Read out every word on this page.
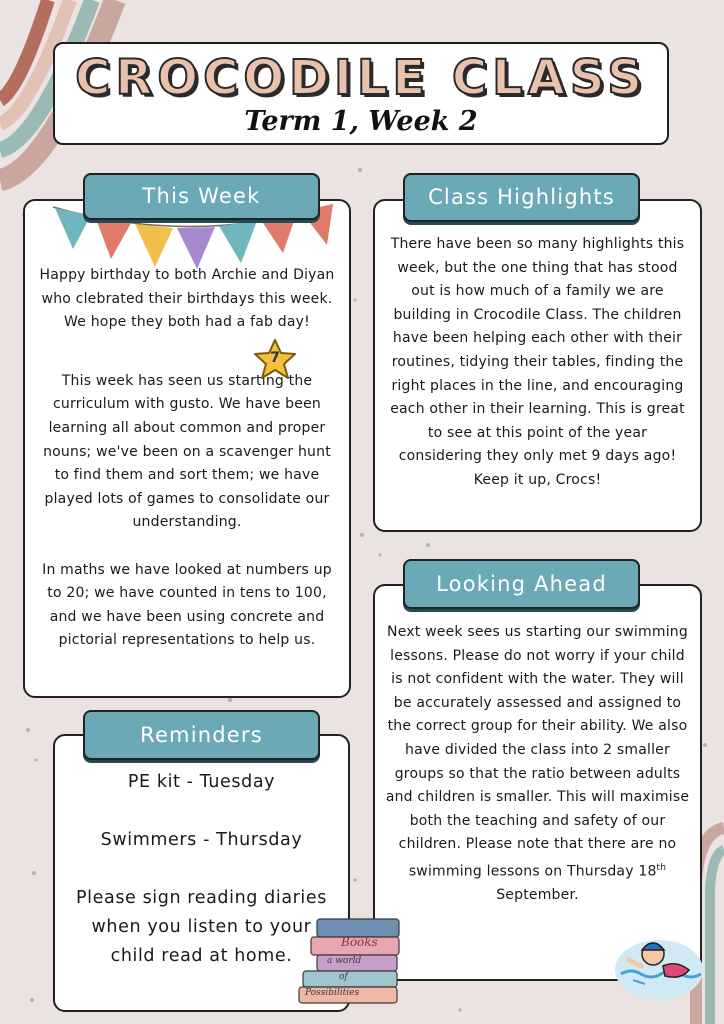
CROCODILE CLASS
Term 1, Week 2

Happy birthday to both Archie and Diyan who clebrated their birthdays this week. We hope they both had a fab day!

This week has seen us starting the curriculum with gusto. We have been learning all about common and proper nouns; we've been on a scavenger hunt to find them and sort them; we have played lots of games to consolidate our understanding.

In maths we have looked at numbers up to 20; we have counted in tens to 100, and we have been using concrete and pictorial representations to help us.

7
This Week

There have been so many highlights this week, but the one thing that has stood out is how much of a family we are building in Crocodile Class. The children have been helping each other with their routines, tidying their tables, finding the right places in the line, and encouraging each other in their learning. This is great to see at this point of the year considering they only met 9 days ago! Keep it up, Crocs!

Class Highlights

Next week sees us starting our swimming lessons. Please do not worry if your child is not confident with the water. They will be accurately assessed and assigned to the correct group for their ability. We also have divided the class into 2 smaller groups so that the ratio between adults and children is smaller. This will maximise both the teaching and safety of our children. Please note that there are no swimming lessons on Thursday 18th September.

Looking Ahead
PE kit - Tuesday
Swimmers - Thursday
Please sign reading diaries when you listen to your child read at home.
Reminders
Books
a world
of
Possibilities
